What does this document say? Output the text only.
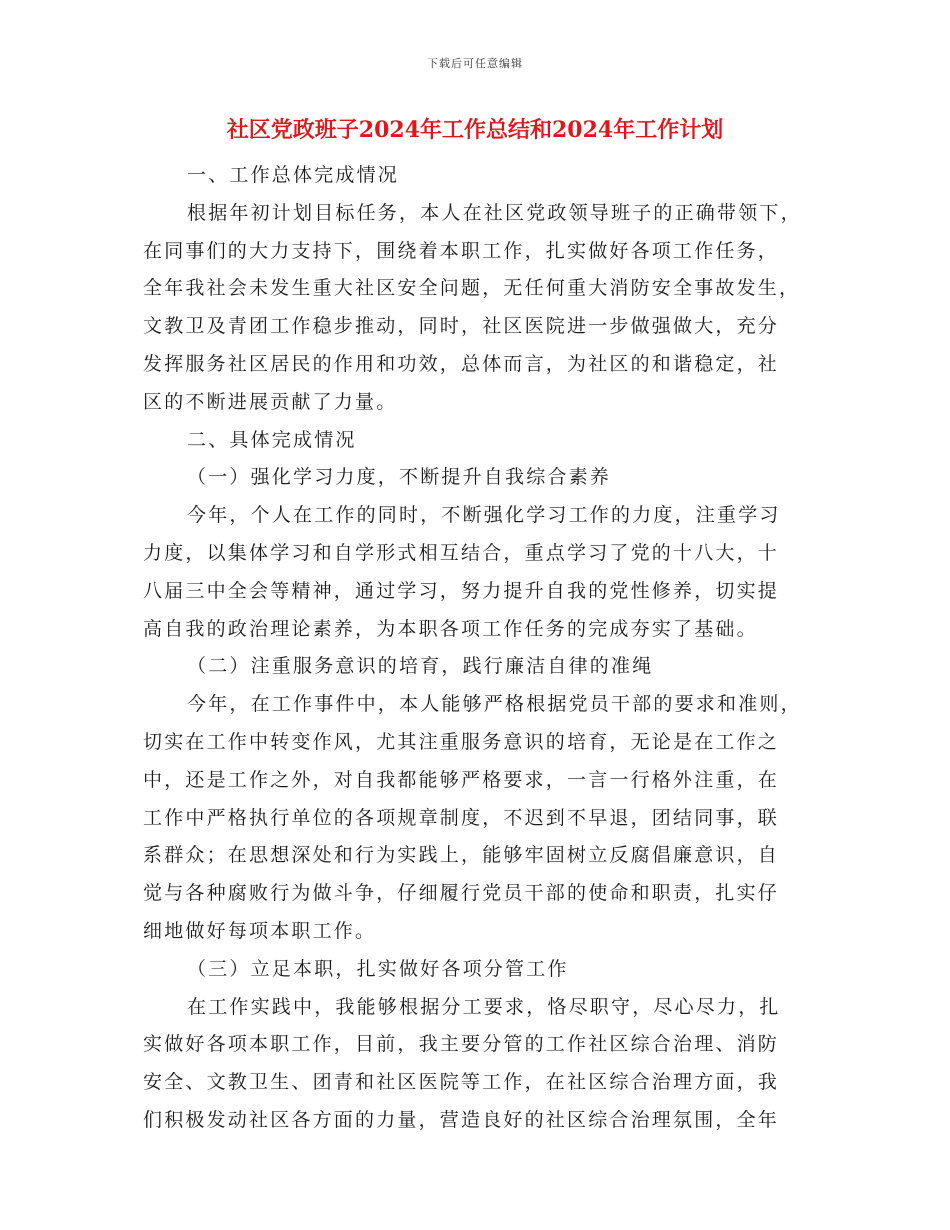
下载后可任意编辑
社区党政班子2024年工作总结和2024年工作计划
一、工作总体完成情况
根据年初计划目标任务，本人在社区党政领导班子的正确带领下，
在同事们的大力支持下，围绕着本职工作，扎实做好各项工作任务，
全年我社会未发生重大社区安全问题，无任何重大消防安全事故发生，
文教卫及青团工作稳步推动，同时，社区医院进一步做强做大，充分
发挥服务社区居民的作用和功效，总体而言，为社区的和谐稳定，社
区的不断进展贡献了力量。
二、具体完成情况
（一）强化学习力度，不断提升自我综合素养
今年，个人在工作的同时，不断强化学习工作的力度，注重学习
力度，以集体学习和自学形式相互结合，重点学习了党的十八大，十
八届三中全会等精神，通过学习，努力提升自我的党性修养，切实提
高自我的政治理论素养，为本职各项工作任务的完成夯实了基础。
（二）注重服务意识的培育，践行廉洁自律的准绳
今年，在工作事件中，本人能够严格根据党员干部的要求和准则，
切实在工作中转变作风，尤其注重服务意识的培育，无论是在工作之
中，还是工作之外，对自我都能够严格要求，一言一行格外注重，在
工作中严格执行单位的各项规章制度，不迟到不早退，团结同事，联
系群众；在思想深处和行为实践上，能够牢固树立反腐倡廉意识，自
觉与各种腐败行为做斗争，仔细履行党员干部的使命和职责，扎实仔
细地做好每项本职工作。
（三）立足本职，扎实做好各项分管工作
在工作实践中，我能够根据分工要求，恪尽职守，尽心尽力，扎
实做好各项本职工作，目前，我主要分管的工作社区综合治理、消防
安全、文教卫生、团青和社区医院等工作，在社区综合治理方面，我
们积极发动社区各方面的力量，营造良好的社区综合治理氛围，全年
